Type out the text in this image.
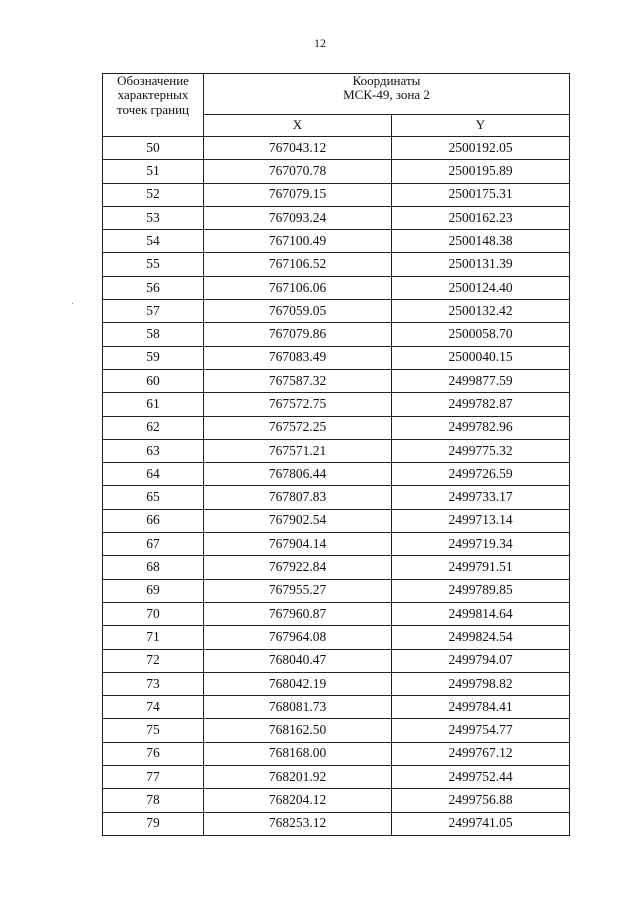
12
Обозначение
характерных
точек границ	Координаты
МСК-49, зона 2	

	X	Y
50	767043.12	2500192.05
51	767070.78	2500195.89
52	767079.15	2500175.31
53	767093.24	2500162.23
54	767100.49	2500148.38
55	767106.52	2500131.39
56	767106.06	2500124.40
57	767059.05	2500132.42
58	767079.86	2500058.70
59	767083.49	2500040.15
60	767587.32	2499877.59
61	767572.75	2499782.87
62	767572.25	2499782.96
63	767571.21	2499775.32
64	767806.44	2499726.59
65	767807.83	2499733.17
66	767902.54	2499713.14
67	767904.14	2499719.34
68	767922.84	2499791.51
69	767955.27	2499789.85
70	767960.87	2499814.64
71	767964.08	2499824.54
72	768040.47	2499794.07
73	768042.19	2499798.82
74	768081.73	2499784.41
75	768162.50	2499754.77
76	768168.00	2499767.12
77	768201.92	2499752.44
78	768204.12	2499756.88
79	768253.12	2499741.05
